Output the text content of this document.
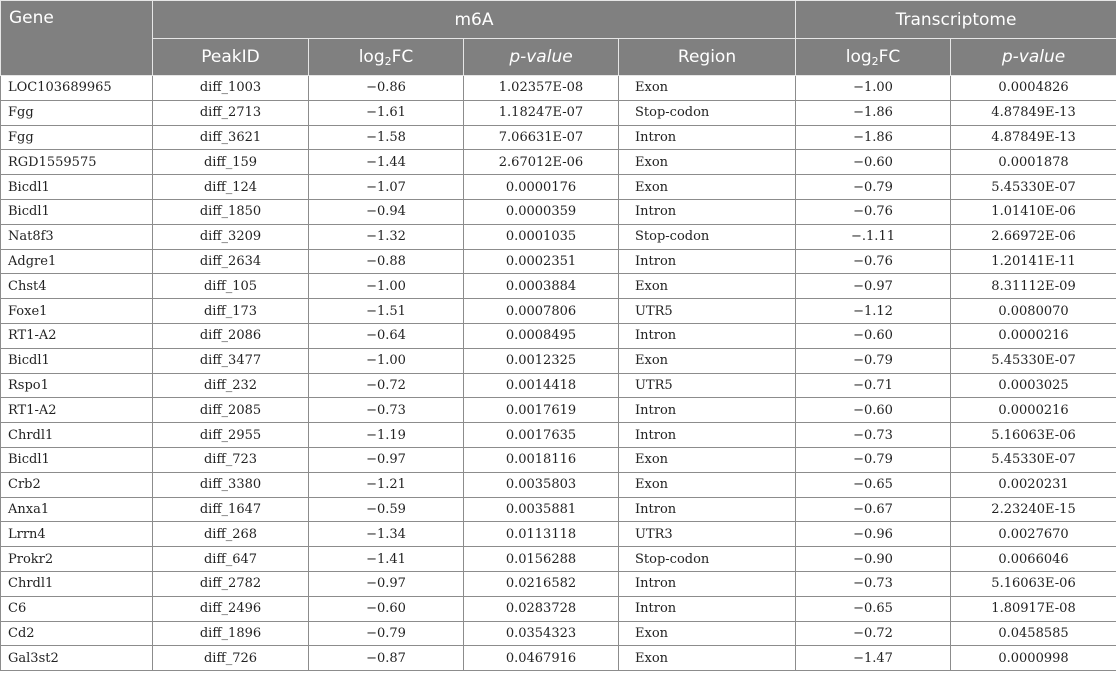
Gene	m6A				Transcriptome	
	PeakID	$\log_2FC$	p-value	Region	$\log_2FC$	p-value
LOC103689965	diff_1003	−0.86	1.02357E-08	Exon	−1.00	0.0004826
Fgg	diff_2713	−1.61	1.18247E-07	Stop-codon	−1.86	4.87849E-13
Fgg	diff_3621	−1.58	7.06631E-07	Intron	−1.86	4.87849E-13
RGD1559575	diff_159	−1.44	2.67012E-06	Exon	−0.60	0.0001878
Bicdl1	diff_124	−1.07	0.0000176	Exon	−0.79	5.45330E-07
Bicdl1	diff_1850	−0.94	0.0000359	Intron	−0.76	1.01410E-06
Nat8f3	diff_3209	−1.32	0.0001035	Stop-codon	−.1.11	2.66972E-06
Adgre1	diff_2634	−0.88	0.0002351	Intron	−0.76	1.20141E-11
Chst4	diff_105	−1.00	0.0003884	Exon	−0.97	8.31112E-09
Foxe1	diff_173	−1.51	0.0007806	UTR5	−1.12	0.0080070
RT1-A2	diff_2086	−0.64	0.0008495	Intron	−0.60	0.0000216
Bicdl1	diff_3477	−1.00	0.0012325	Exon	−0.79	5.45330E-07
Rspo1	diff_232	−0.72	0.0014418	UTR5	−0.71	0.0003025
RT1-A2	diff_2085	−0.73	0.0017619	Intron	−0.60	0.0000216
Chrdl1	diff_2955	−1.19	0.0017635	Intron	−0.73	5.16063E-06
Bicdl1	diff_723	−0.97	0.0018116	Exon	−0.79	5.45330E-07
Crb2	diff_3380	−1.21	0.0035803	Exon	−0.65	0.0020231
Anxa1	diff_1647	−0.59	0.0035881	Intron	−0.67	2.23240E-15
Lrrn4	diff_268	−1.34	0.0113118	UTR3	−0.96	0.0027670
Prokr2	diff_647	−1.41	0.0156288	Stop-codon	−0.90	0.0066046
Chrdl1	diff_2782	−0.97	0.0216582	Intron	−0.73	5.16063E-06
C6	diff_2496	−0.60	0.0283728	Intron	−0.65	1.80917E-08
Cd2	diff_1896	−0.79	0.0354323	Exon	−0.72	0.0458585
Gal3st2	diff_726	−0.87	0.0467916	Exon	−1.47	0.0000998
